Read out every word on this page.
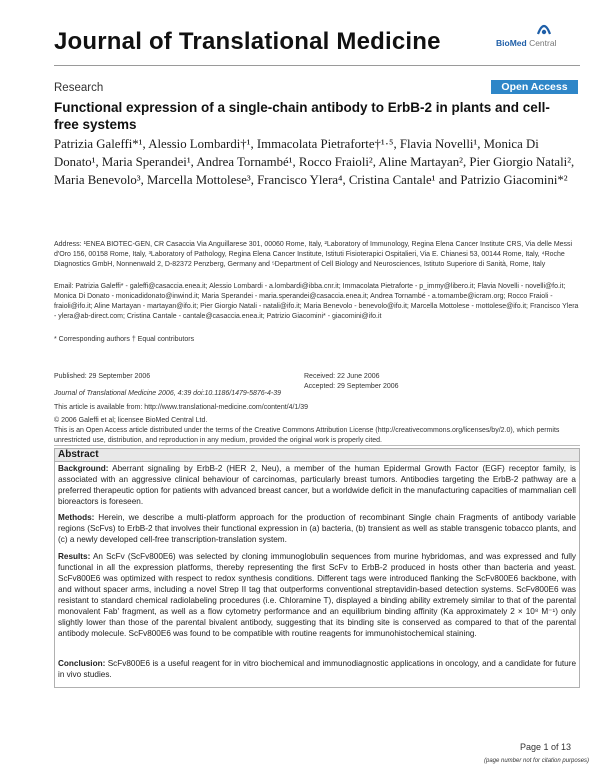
Journal of Translational Medicine	BioMed Central
Research	Open Access
Functional expression of a single-chain antibody to ErbB-2 in plants and cell-free systems
Patrizia Galeffi*¹, Alessio Lombardi†¹, Immacolata Pietraforte†¹·⁵, Flavia Novelli¹, Monica Di Donato¹, Maria Sperandei¹, Andrea Tornambé¹, Rocco Fraioli², Aline Martayan², Pier Giorgio Natali², Maria Benevolo³, Marcella Mottolese³, Francisco Ylera⁴, Cristina Cantale¹ and Patrizio Giacomini*²
Address: ¹ENEA BIOTEC-GEN, CR Casaccia Via Anguillarese 301, 00060 Rome, Italy, ²Laboratory of Immunology, Regina Elena Cancer Institute CRS, Via delle Messi d'Oro 156, 00158 Rome, Italy, ³Laboratory of Pathology, Regina Elena Cancer Institute, Istituti Fisioterapici Ospitalieri, Via E. Chianesi 53, 00144 Rome, Italy, ⁴Roche Diagnostics GmbH, Nonnenwald 2, D-82372 Penzberg, Germany and ⁵Department of Cell Biology and Neurosciences, Istituto Superiore di Sanità, Rome, Italy
Email: Patrizia Galeffi* - galeffi@casaccia.enea.it; Alessio Lombardi - a.lombardi@ibba.cnr.it; Immacolata Pietraforte - p_immy@libero.it; Flavia Novelli - novelli@fo.it; Monica Di Donato - monicadidonato@inwind.it; Maria Sperandei - maria.sperandei@casaccia.enea.it; Andrea Tornambé - a.tornambe@icram.org; Rocco Fraioli - fraioli@ifo.it; Aline Martayan - martayan@ifo.it; Pier Giorgio Natali - natali@ifo.it; Maria Benevolo - benevolo@ifo.it; Marcella Mottolese - mottolese@ifo.it; Francisco Ylera - ylera@ab-direct.com; Cristina Cantale - cantale@casaccia.enea.it; Patrizio Giacomini* - giacomini@ifo.it
* Corresponding authors † Equal contributors
Published: 29 September 2006
Journal of Translational Medicine 2006, 4:39 doi:10.1186/1479-5876-4-39
Received: 22 June 2006
Accepted: 29 September 2006
This article is available from: http://www.translational-medicine.com/content/4/1/39
© 2006 Galeffi et al; licensee BioMed Central Ltd.
This is an Open Access article distributed under the terms of the Creative Commons Attribution License (http://creativecommons.org/licenses/by/2.0), which permits unrestricted use, distribution, and reproduction in any medium, provided the original work is properly cited.
Abstract
Background: Aberrant signaling by ErbB-2 (HER 2, Neu), a member of the human Epidermal Growth Factor (EGF) receptor family, is associated with an aggressive clinical behaviour of carcinomas, particularly breast tumors. Antibodies targeting the ErbB-2 pathway are a preferred therapeutic option for patients with advanced breast cancer, but a worldwide deficit in the manufacturing capacities of mammalian cell bioreactors is foreseen.
Methods: Herein, we describe a multi-platform approach for the production of recombinant Single chain Fragments of antibody variable regions (ScFvs) to ErbB-2 that involves their functional expression in (a) bacteria, (b) transient as well as stable transgenic tobacco plants, and (c) a newly developed cell-free transcription-translation system.
Results: An ScFv (ScFv800E6) was selected by cloning immunoglobulin sequences from murine hybridomas, and was expressed and fully functional in all the expression platforms, thereby representing the first ScFv to ErbB-2 produced in hosts other than bacteria and yeast. ScFv800E6 was optimized with respect to redox synthesis conditions. Different tags were introduced flanking the ScFv800E6 backbone, with and without spacer arms, including a novel Strep II tag that outperforms conventional streptavidin-based detection systems. ScFv800E6 was resistant to standard chemical radiolabeling procedures (i.e. Chloramine T), displayed a binding ability extremely similar to that of the parental monovalent Fab' fragment, as well as a flow cytometry performance and an equilibrium binding affinity (Ka approximately 2 × 10⁸ M⁻¹) only slightly lower than those of the parental bivalent antibody, suggesting that its binding site is conserved as compared to that of the parental antibody molecule. ScFv800E6 was found to be compatible with routine reagents for immunohistochemical staining.
Conclusion: ScFv800E6 is a useful reagent for in vitro biochemical and immunodiagnostic applications in oncology, and a candidate for future in vivo studies.
Page 1 of 13
(page number not for citation purposes)
